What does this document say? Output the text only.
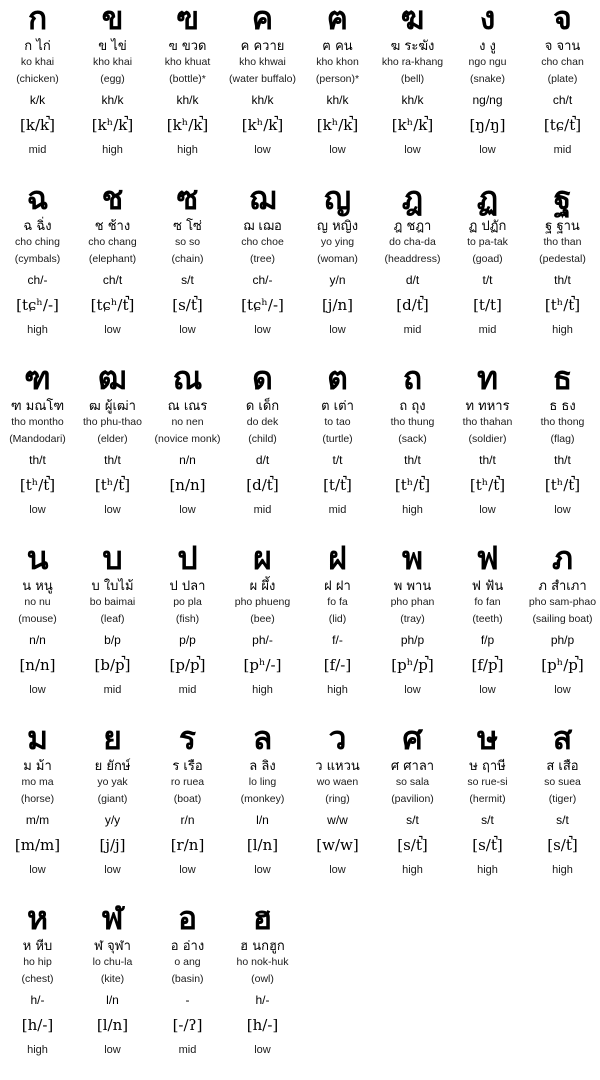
ก
ก ไก่
ko khai
(chicken)
k/k
[k/k̚]
mid
ข
ข ไข่
kho khai
(egg)
kh/k
[kʰ/k̚]
high
ฃ
ฃ ขวด
kho khuat
(bottle)*
kh/k
[kʰ/k̚]
high
ค
ค ควาย
kho khwai
(water buffalo)
kh/k
[kʰ/k̚]
low
ฅ
ฅ คน
kho khon
(person)*
kh/k
[kʰ/k̚]
low
ฆ
ฆ ระฆัง
kho ra-khang
(bell)
kh/k
[kʰ/k̚]
low
ง
ง งู
ngo ngu
(snake)
ng/ng
[ŋ/ŋ]
low
จ
จ จาน
cho chan
(plate)
ch/t
[tɕ/t̚]
mid
ฉ
ฉ ฉิ่ง
cho ching
(cymbals)
ch/-
[tɕʰ/-]
high
ช
ช ช้าง
cho chang
(elephant)
ch/t
[tɕʰ/t̚]
low
ซ
ซ โซ่
so so
(chain)
s/t
[s/t̚]
low
ฌ
ฌ เฌอ
cho choe
(tree)
ch/-
[tɕʰ/-]
low
ญ
ญ หญิง
yo ying
(woman)
y/n
[j/n]
low
ฎ
ฎ ชฎา
do cha-da
(headdress)
d/t
[d/t̚]
mid
ฏ
ฏ ปฏัก
to pa-tak
(goad)
t/t
[t/t]
mid
ฐ
ฐ ฐาน
tho than
(pedestal)
th/t
[tʰ/t̚]
high
ฑ
ฑ มณโฑ
tho montho
(Mandodari)
th/t
[tʰ/t̚]
low
ฒ
ฒ ผู้เฒ่า
tho phu-thao
(elder)
th/t
[tʰ/t̚]
low
ณ
ณ เณร
no nen
(novice monk)
n/n
[n/n]
low
ด
ด เด็ก
do dek
(child)
d/t
[d/t̚]
mid
ต
ต เต่า
to tao
(turtle)
t/t
[t/t̚]
mid
ถ
ถ ถุง
tho thung
(sack)
th/t
[tʰ/t̚]
high
ท
ท ทหาร
tho thahan
(soldier)
th/t
[tʰ/t̚]
low
ธ
ธ ธง
tho thong
(flag)
th/t
[tʰ/t̚]
low
น
น หนู
no nu
(mouse)
n/n
[n/n]
low
บ
บ ใบไม้
bo baimai
(leaf)
b/p
[b/p̚]
mid
ป
ป ปลา
po pla
(fish)
p/p
[p/p̚]
mid
ผ
ผ ผึ้ง
pho phueng
(bee)
ph/-
[pʰ/-]
high
ฝ
ฝ ฝา
fo fa
(lid)
f/-
[f/-]
high
พ
พ พาน
pho phan
(tray)
ph/p
[pʰ/p̚]
low
ฟ
ฟ ฟัน
fo fan
(teeth)
f/p
[f/p̚]
low
ภ
ภ สำเภา
pho sam-phao
(sailing boat)
ph/p
[pʰ/p̚]
low
ม
ม ม้า
mo ma
(horse)
m/m
[m/m]
low
ย
ย ยักษ์
yo yak
(giant)
y/y
[j/j]
low
ร
ร เรือ
ro ruea
(boat)
r/n
[r/n]
low
ล
ล ลิง
lo ling
(monkey)
l/n
[l/n]
low
ว
ว แหวน
wo waen
(ring)
w/w
[w/w]
low
ศ
ศ ศาลา
so sala
(pavilion)
s/t
[s/t̚]
high
ษ
ษ ฤาษี
so rue-si
(hermit)
s/t
[s/t̚]
high
ส
ส เสือ
so suea
(tiger)
s/t
[s/t̚]
high
ห
ห หีบ
ho hip
(chest)
h/-
[h/-]
high
ฬ
ฬ จุฬา
lo chu-la
(kite)
l/n
[l/n]
low
อ
อ อ่าง
o ang
(basin)
-
[-/ʔ]
mid
ฮ
ฮ นกฮูก
ho nok-huk
(owl)
h/-
[h/-]
low
